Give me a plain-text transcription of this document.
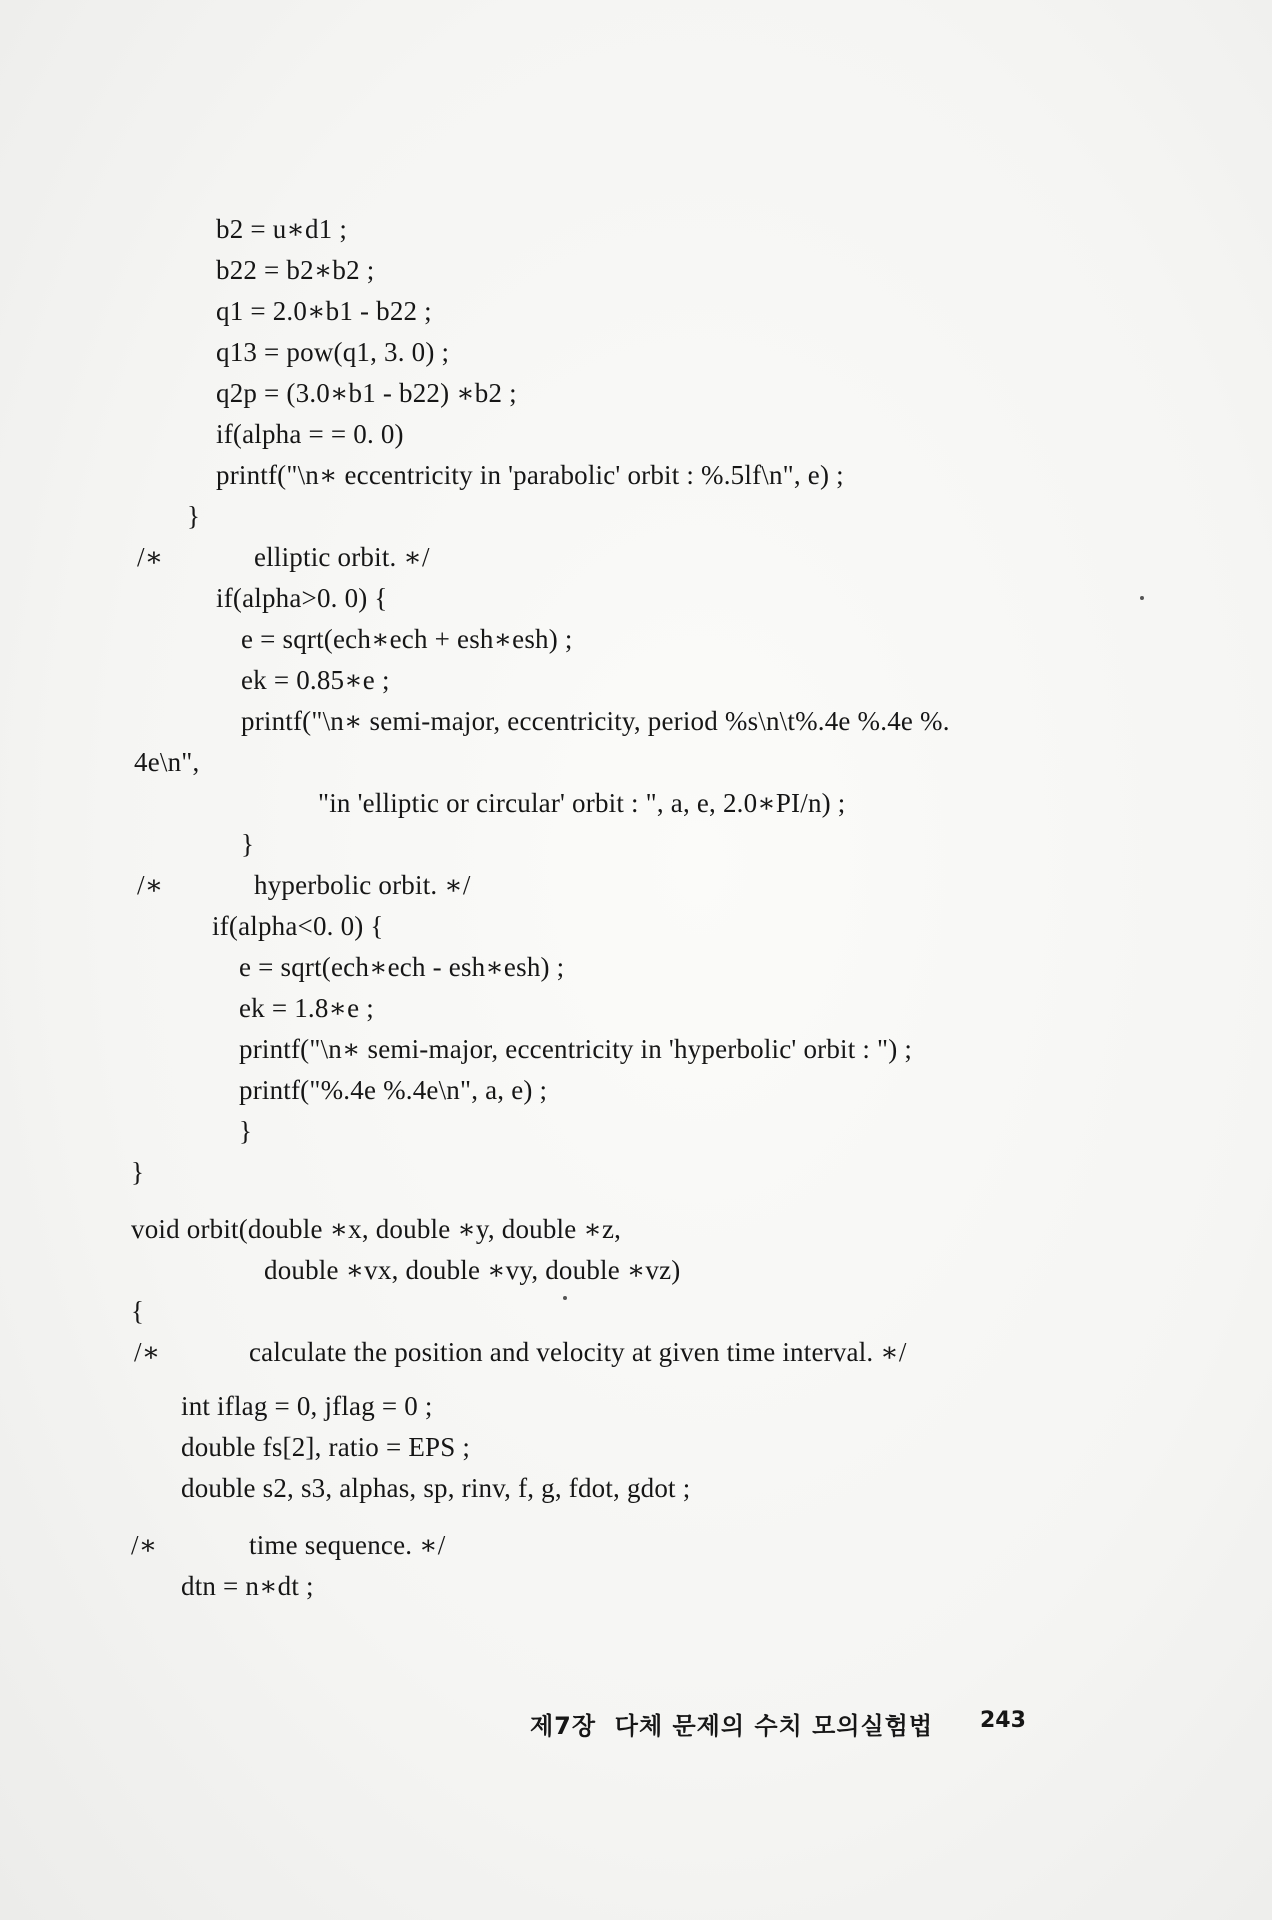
b2 = u∗d1 ;
b22 = b2∗b2 ;
q1 = 2.0∗b1 - b22 ;
q13 = pow(q1, 3. 0) ;
q2p = (3.0∗b1 - b22) ∗b2 ;
if(alpha = = 0. 0)
printf("\n∗ eccentricity in 'parabolic' orbit : %.5lf\n", e) ;
}
/∗	elliptic orbit. ∗/
if(alpha>0. 0) {
e = sqrt(ech∗ech + esh∗esh) ;
ek = 0.85∗e ;
printf("\n∗ semi-major, eccentricity, period %s\n\t%.4e %.4e %.
4e\n",
"in 'elliptic or circular' orbit : ", a, e, 2.0∗PI/n) ;
}
/∗	hyperbolic orbit. ∗/
if(alpha<0. 0) {
e = sqrt(ech∗ech - esh∗esh) ;
ek = 1.8∗e ;
printf("\n∗ semi-major, eccentricity in 'hyperbolic' orbit : ") ;
printf("%.4e %.4e\n", a, e) ;
}
}
void orbit(double ∗x, double ∗y, double ∗z,
double ∗vx, double ∗vy, double ∗vz)
{
/∗	calculate the position and velocity at given time interval. ∗/
int iflag = 0, jflag = 0 ;
double fs[2], ratio = EPS ;
double s2, s3, alphas, sp, rinv, f, g, fdot, gdot ;
/∗	time sequence. ∗/
dtn = n∗dt ;
제7장  다체 문제의 수치 모의실험법 243
